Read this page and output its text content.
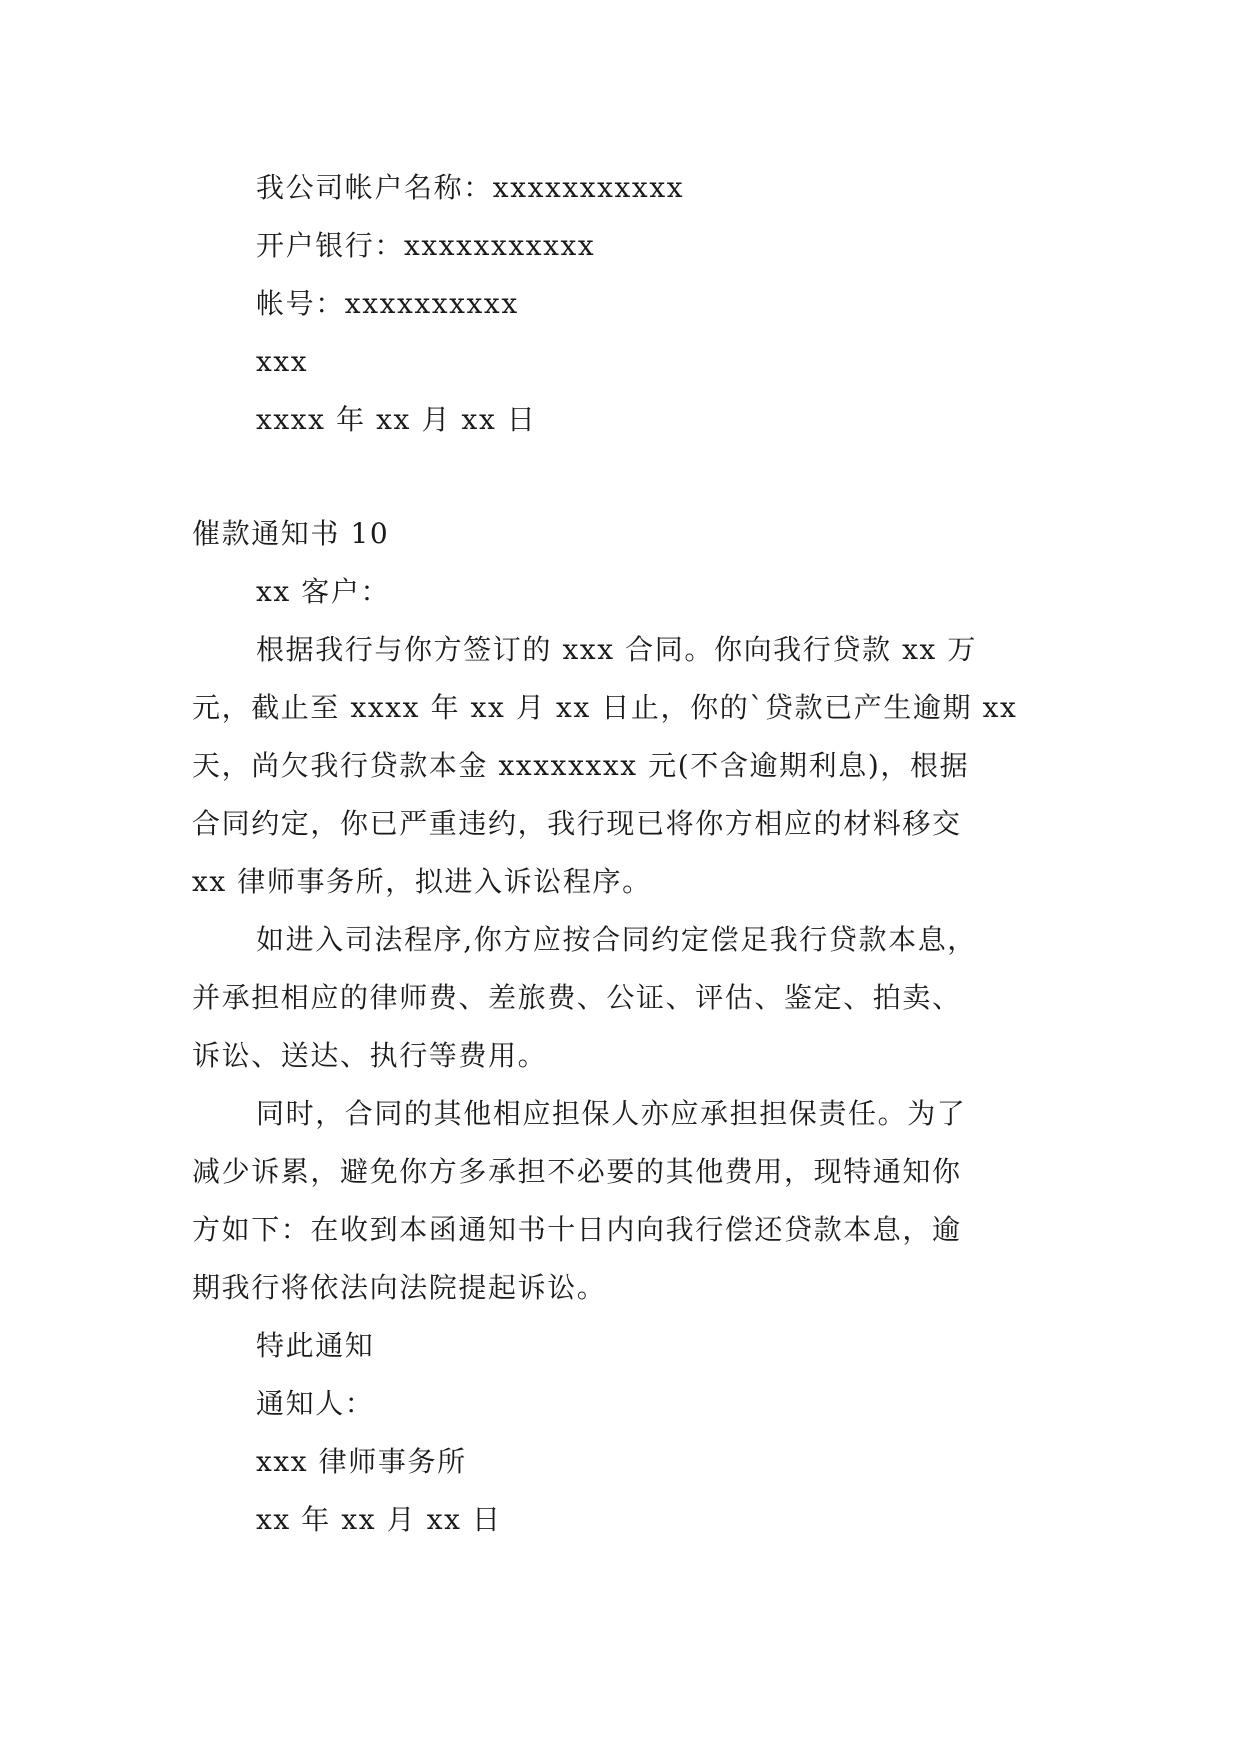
我公司帐户名称：xxxxxxxxxxx
开户银行：xxxxxxxxxxx
帐号：xxxxxxxxxx
xxx
xxxx 年 xx 月 xx 日
催款通知书 10
xx 客户：
根据我行与你方签订的 xxx 合同。你向我行贷款 xx 万
元，截止至 xxxx 年 xx 月 xx 日止，你的`贷款已产生逾期 xx
天，尚欠我行贷款本金 xxxxxxxx 元(不含逾期利息)，根据
合同约定，你已严重违约，我行现已将你方相应的材料移交
xx 律师事务所，拟进入诉讼程序。
如进入司法程序,你方应按合同约定偿足我行贷款本息，
并承担相应的律师费、差旅费、公证、评估、鉴定、拍卖、
诉讼、送达、执行等费用。
同时，合同的其他相应担保人亦应承担担保责任。为了
减少诉累，避免你方多承担不必要的其他费用，现特通知你
方如下：在收到本函通知书十日内向我行偿还贷款本息，逾
期我行将依法向法院提起诉讼。
特此通知
通知人：
xxx 律师事务所
xx 年 xx 月 xx 日
